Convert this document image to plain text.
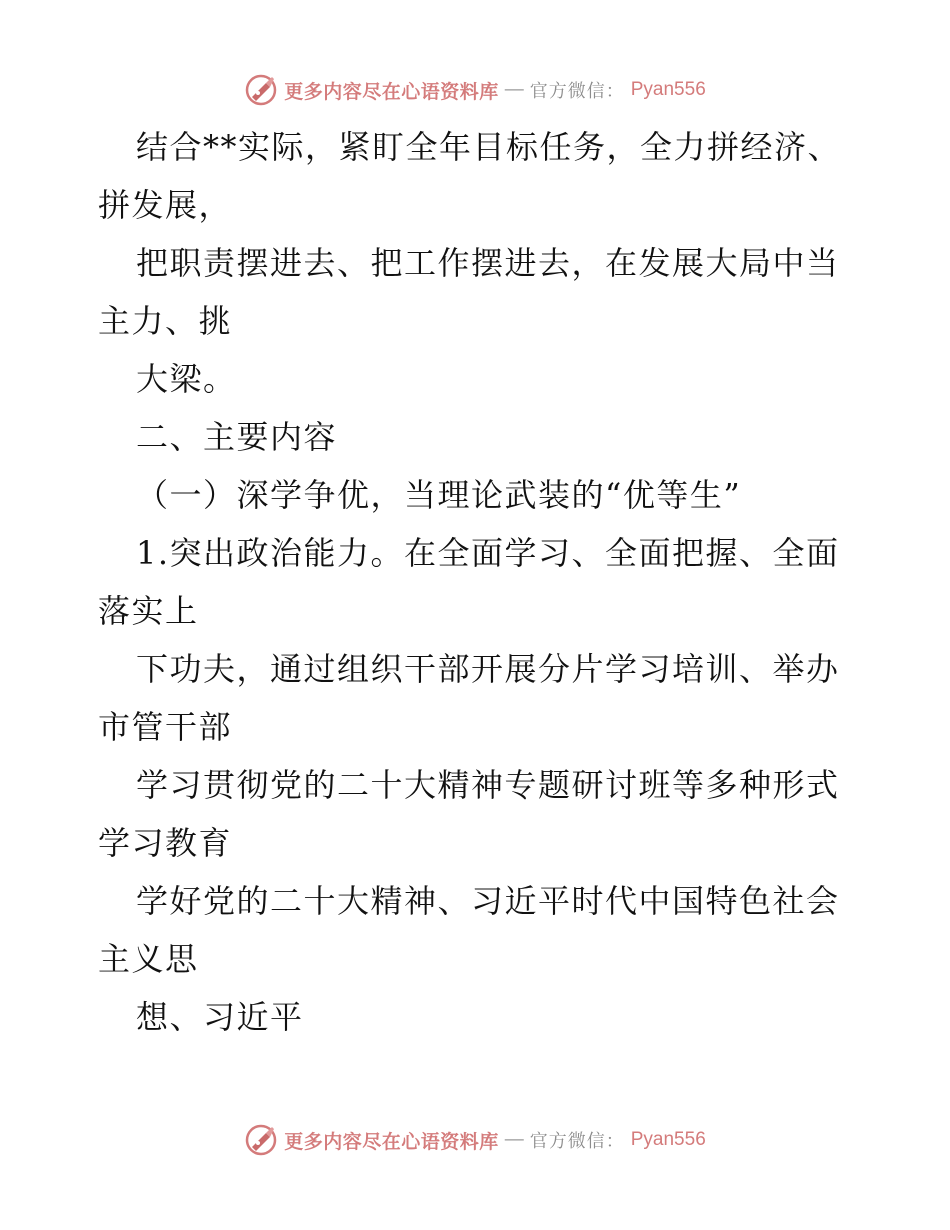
更多内容尽在心语资料库 — 官方微信： Pyan556
结合**实际，紧盯全年目标任务，全力拼经济、
拼发展，
把职责摆进去、把工作摆进去，在发展大局中当
主力、挑
大梁。
二、主要内容
（一）深学争优，当理论武装的“优等生”
1.突出政治能力。在全面学习、全面把握、全面
落实上
下功夫，通过组织干部开展分片学习培训、举办
市管干部
学习贯彻党的二十大精神专题研讨班等多种形式
学习教育
学好党的二十大精神、习近平时代中国特色社会
主义思
想、习近平
更多内容尽在心语资料库 — 官方微信： Pyan556
